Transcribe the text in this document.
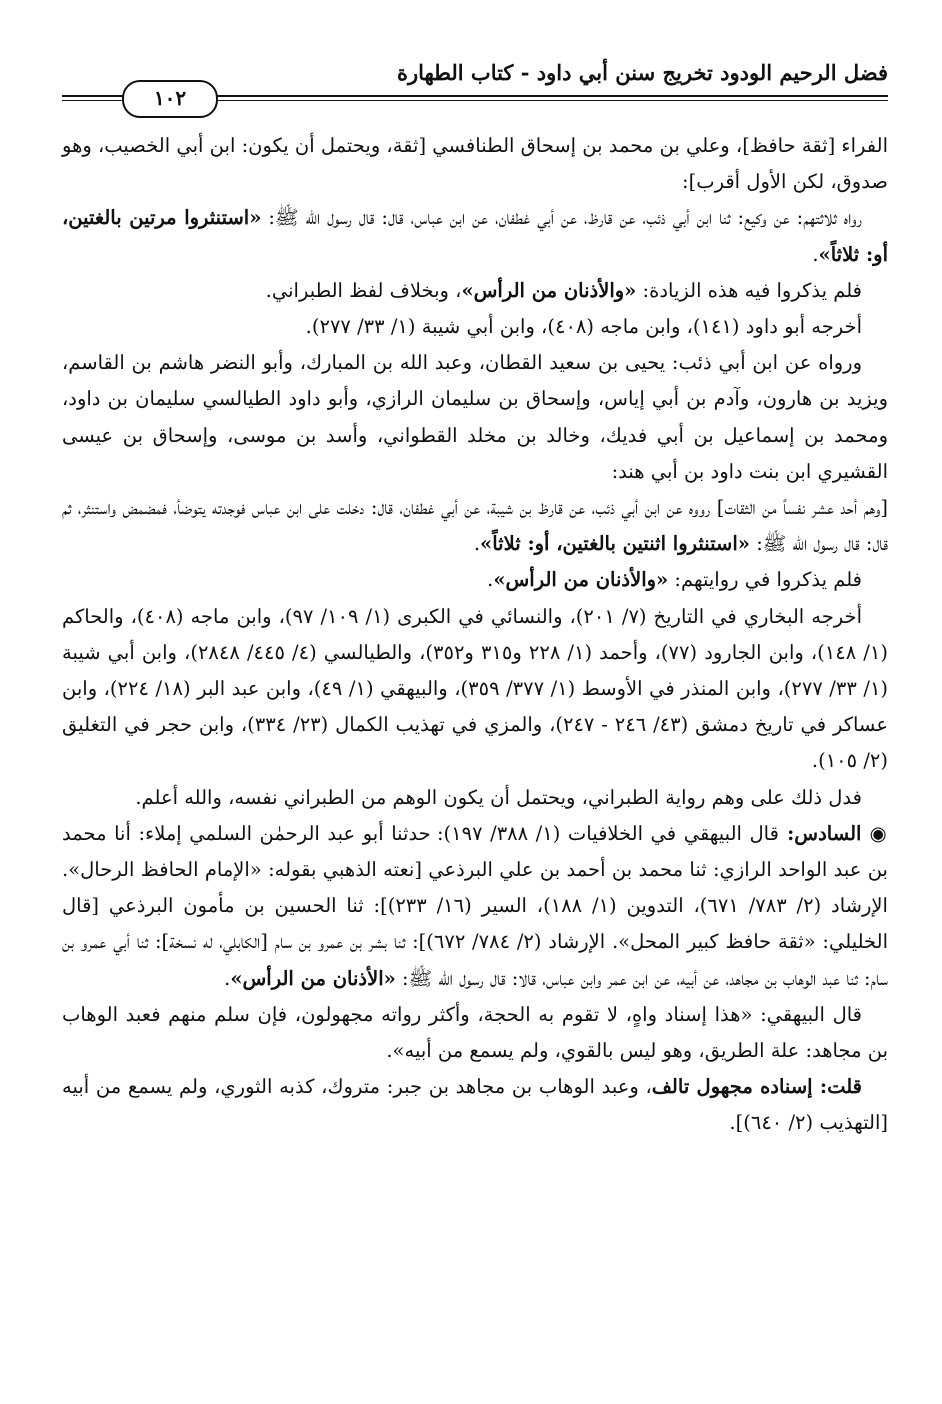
فضل الرحيم الودود تخريج سنن أبي داود - كتاب الطهارة
١٠٢

الفراء [ثقة حافظ]، وعلي بن محمد بن إسحاق الطنافسي [ثقة، ويحتمل أن يكون: ابن أبي الخصيب، وهو صدوق، لكن الأول أقرب]:

رواه ثلاثتهم: عن وكيع: ثنا ابن أبي ذئب، عن قارظ، عن أبي غطفان، عن ابن عباس، قال: قال رسول الله ﷺ: «استنثروا مرتين بالغتين، أو: ثلاثاً».

فلم يذكروا فيه هذه الزيادة: «والأذنان من الرأس»، وبخلاف لفظ الطبراني.

أخرجه أبو داود (١٤١)، وابن ماجه (٤٠٨)، وابن أبي شيبة (١/ ٣٣/ ٢٧٧).

ورواه عن ابن أبي ذئب: يحيى بن سعيد القطان، وعبد الله بن المبارك، وأبو النضر هاشم بن القاسم، ويزيد بن هارون، وآدم بن أبي إياس، وإسحاق بن سليمان الرازي، وأبو داود الطيالسي سليمان بن داود، ومحمد بن إسماعيل بن أبي فديك، وخالد بن مخلد القطواني، وأسد بن موسى، وإسحاق بن عيسى القشيري ابن بنت داود بن أبي هند:

[وهم أحد عشر نفساً من الثقات] رووه عن ابن أبي ذئب، عن قارظ بن شيبة، عن أبي غطفان، قال: دخلت على ابن عباس فوجدته يتوضأ، فمضمض واستنثر، ثم قال: قال رسول الله ﷺ: «استنثروا اثنتين بالغتين، أو: ثلاثاً».

فلم يذكروا في روايتهم: «والأذنان من الرأس».

أخرجه البخاري في التاريخ (٧/ ٢٠١)، والنسائي في الكبرى (١/ ١٠٩/ ٩٧)، وابن ماجه (٤٠٨)، والحاكم (١/ ١٤٨)، وابن الجارود (٧٧)، وأحمد (١/ ٢٢٨ و٣١٥ و٣٥٢)، والطيالسي (٤/ ٤٤٥/ ٢٨٤٨)، وابن أبي شيبة (١/ ٣٣/ ٢٧٧)، وابن المنذر في الأوسط (١/ ٣٧٧/ ٣٥٩)، والبيهقي (١/ ٤٩)، وابن عبد البر (١٨/ ٢٢٤)، وابن عساكر في تاريخ دمشق (٤٣/ ٢٤٦ - ٢٤٧)، والمزي في تهذيب الكمال (٢٣/ ٣٣٤)، وابن حجر في التغليق (٢/ ١٠٥).

فدل ذلك على وهم رواية الطبراني، ويحتمل أن يكون الوهم من الطبراني نفسه، والله أعلم.

◉ السادس: قال البيهقي في الخلافيات (١/ ٣٨٨/ ١٩٧): حدثنا أبو عبد الرحمٰن السلمي إملاء: أنا محمد بن عبد الواحد الرازي: ثنا محمد بن أحمد بن علي البرذعي [نعته الذهبي بقوله: «الإمام الحافظ الرحال». الإرشاد (٢/ ٧٨٣/ ٦٧١)، التدوين (١/ ١٨٨)، السير (١٦/ ٢٣٣)]: ثنا الحسين بن مأمون البرذعي [قال الخليلي: «ثقة حافظ كبير المحل». الإرشاد (٢/ ٧٨٤/ ٦٧٢)]: ثنا بشر بن عمرو بن سام [الكابلي، له نسخة]: ثنا أبي عمرو بن سام: ثنا عبد الوهاب بن مجاهد، عن أبيه، عن ابن عمر وابن عباس، قالا: قال رسول الله ﷺ: «الأذنان من الرأس».

قال البيهقي: «هذا إسناد واهٍ، لا تقوم به الحجة، وأكثر رواته مجهولون، فإن سلم منهم فعبد الوهاب بن مجاهد: علة الطريق، وهو ليس بالقوي، ولم يسمع من أبيه».

قلت: إسناده مجهول تالف، وعبد الوهاب بن مجاهد بن جبر: متروك، كذبه الثوري، ولم يسمع من أبيه [التهذيب (٢/ ٦٤٠)].
